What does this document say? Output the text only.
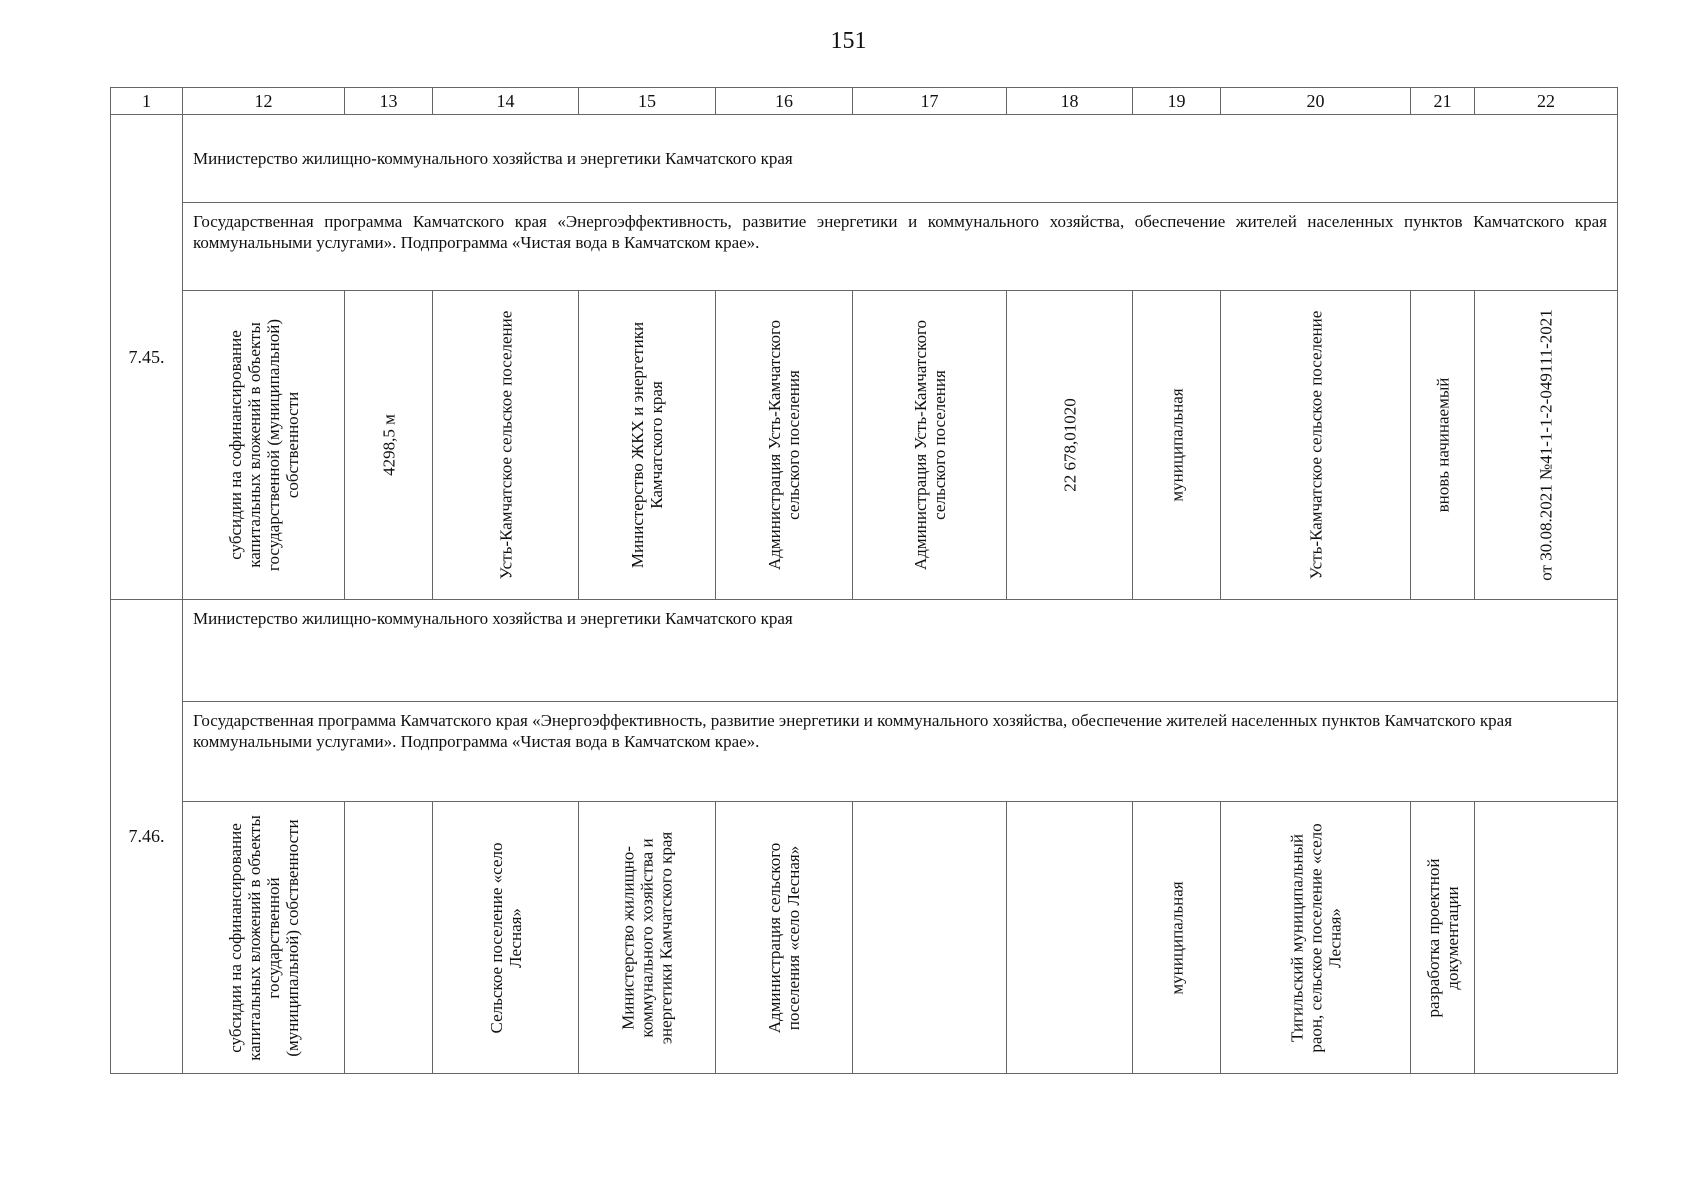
151
1	12	13	14	15	16	17	18	19	20	21	22
7.45.	Министерство жилищно-коммунального хозяйства и энергетики Камчатского края										
	Государственная программа Камчатского края «Энергоэффективность, развитие энергетики и коммунального хозяйства, обеспечение жителей населенных пунктов Камчатского края коммунальными услугами». Подпрограмма «Чистая вода в Камчатском крае».										

	субсидии на софинансирование капитальных вложений в объекты государственной (муниципальной) собственности	4298,5 м	Усть-Камчатское сельское поселение	Министерство ЖКХ и энергетики Камчатского края	Администрация Усть-Камчатского сельского поселения	Администрация Усть-Камчатского сельского поселения	22 678,01020	муниципальная	Усть-Камчатское сельское поселение	вновь начинаемый	от 30.08.2021 №41-1-1-2-049111-2021

7.46.	Министерство жилищно-коммунального хозяйства и энергетики Камчатского края										
	Государственная программа Камчатского края «Энергоэффективность, развитие энергетики и коммунального хозяйства, обеспечение жителей населенных пунктов Камчатского края коммунальными услугами». Подпрограмма «Чистая вода в Камчатском крае».										

	субсидии на софинансирование капитальных вложений в объекты государственной (муниципальной) собственности		Сельское поселение «село Лесная»	Министерство жилищно-коммунального хозяйства и энергетики Камчатского края	Администрация сельского поселения «село Лесная»			муниципальная	Тигильский муниципальный раон, сельское поселение «село Лесная»	разработка проектной документации	
